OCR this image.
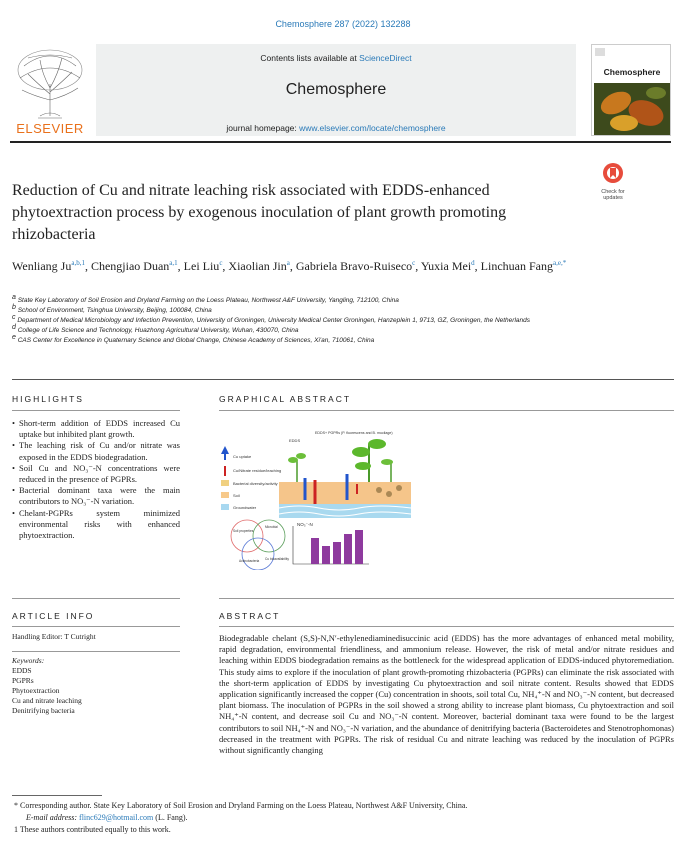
Chemosphere 287 (2022) 132288
ELSEVIER
Contents lists available at ScienceDirect
Chemosphere
journal homepage: www.elsevier.com/locate/chemosphere
Chemosphere
Check for updates
Reduction of Cu and nitrate leaching risk associated with EDDS-enhanced phytoextraction process by exogenous inoculation of plant growth promoting rhizobacteria
Wenliang Ju$^{a,b,1}$, Chengjiao Duan$^{a,1}$, Lei Liu$^c$, Xiaolian Jin$^a$, Gabriela Bravo-Ruiseco$^c$, Yuxia Mei$^d$, Linchuan Fang$^{a,e,*}$
a State Key Laboratory of Soil Erosion and Dryland Farming on the Loess Plateau, Northwest A&F University, Yangling, 712100, China
b School of Environment, Tsinghua University, Beijing, 100084, China
c Department of Medical Microbiology and Infection Prevention, University of Groningen, University Medical Center Groningen, Hanzeplein 1, 9713, GZ, Groningen, the Netherlands
d College of Life Science and Technology, Huazhong Agricultural University, Wuhan, 430070, China
e CAS Center for Excellence in Quaternary Science and Global Change, Chinese Academy of Sciences, Xi'an, 710061, China
HIGHLIGHTS
• Short-term addition of EDDS increased Cu uptake but inhibited plant growth.
• The leaching risk of Cu and/or nitrate was exposed in the EDDS biodegradation.
• Soil Cu and NO₃⁻-N concentrations were reduced in the presence of PGPRs.
• Bacterial dominant taxa were the main contributors to NO₃⁻-N variation.
• Chelant-PGPRs system minimized environmental risks with enhanced phytoextraction.
GRAPHICAL ABSTRACT
Cu uptake
Cu/Nitrate residue/leaching
Bacterial diversity/activity
Soil
Groundwater
EDDS
EDDS+ PGPRs (P. fluorescens and B. mucilage)
Soil properties
Microbial
Cu bioavailability
Actinobacteria
NO₃⁻-N
ARTICLE INFO
Handling Editor: T Cutright
Keywords:
EDDS
PGPRs
Phytoextraction
Cu and nitrate leaching
Denitrifying bacteria
ABSTRACT

Biodegradable chelant (S,S)-N,N′-ethylenediaminedisuccinic acid (EDDS) has the more advantages of enhanced metal mobility, rapid degradation, environmental friendliness, and ammonium release. However, the risk of metal and/or nitrate residues and leaching within EDDS biodegradation remains as the bottleneck for the widespread application of EDDS-induced phytoremediation. This study aims to explore if the inoculation of plant growth-promoting rhizobacteria (PGPRs) can eliminate the risk associated with the short-term application of EDDS by investigating Cu phytoextraction and soil nitrate content. Results showed that EDDS application significantly increased the copper (Cu) concentration in shoots, soil total Cu, NH₄⁺-N and NO₃⁻-N content, but decreased plant biomass. The inoculation of PGPRs in the soil showed a strong ability to increase plant biomass, Cu phytoextraction and soil NH₄⁺-N content, and decrease soil Cu and NO₃⁻-N content. Moreover, bacterial dominant taxa were found to be the largest contributors to soil NH₄⁺-N and NO₃⁻-N variation, and the abundance of denitrifying bacteria (Bacteroidetes and Stenotrophomonas) decreased in the treatment with PGPRs. The risk of residual Cu and nitrate leaching was reduced by the inoculation of PGPRs without significantly changing

* Corresponding author. State Key Laboratory of Soil Erosion and Dryland Farming on the Loess Plateau, Northwest A&F University, China.
E-mail address: flinc629@hotmail.com (L. Fang).
1 These authors contributed equally to this work.
